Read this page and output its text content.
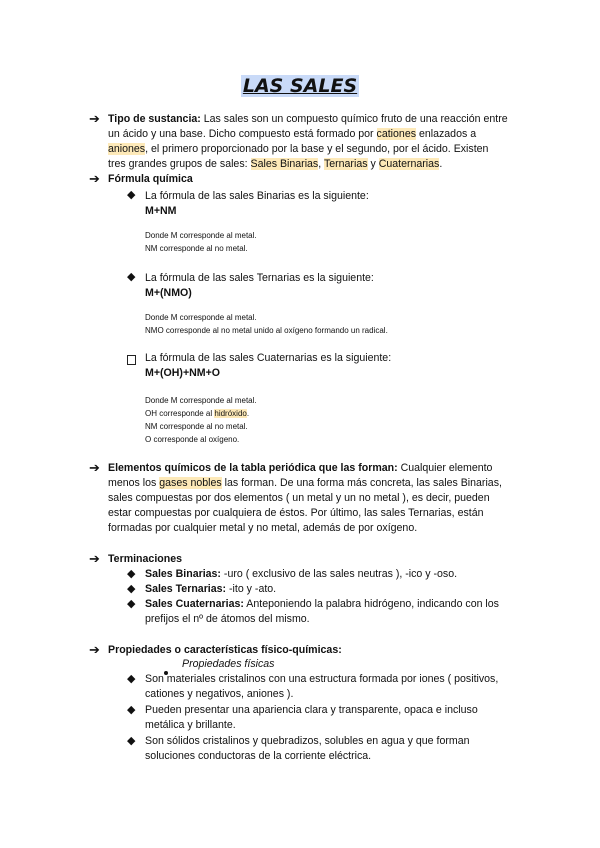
LAS SALES
➔ Tipo de sustancia: Las sales son un compuesto químico fruto de una reacción entre
un ácido y una base. Dicho compuesto está formado por cationes enlazados a
aniones, el primero proporcionado por la base y el segundo, por el ácido. Existen
tres grandes grupos de sales: Sales Binarias, Ternarias y Cuaternarias.
➔ Fórmula química
◆ La fórmula de las sales Binarias es la siguiente:
M+NM
Donde M corresponde al metal.
NM corresponde al no metal.
◆ La fórmula de las sales Ternarias es la siguiente:
M+(NMO)
Donde M corresponde al metal.
NMO corresponde al no metal unido al oxígeno formando un radical.
La fórmula de las sales Cuaternarias es la siguiente:
M+(OH)+NM+O
Donde M corresponde al metal.
OH corresponde al hidróxido.
NM corresponde al no metal.
O corresponde al oxígeno.
➔ Elementos químicos de la tabla periódica que las forman: Cualquier elemento
menos los gases nobles las forman. De una forma más concreta, las sales Binarias,
sales compuestas por dos elementos ( un metal y un no metal ), es decir, pueden
estar compuestas por cualquiera de éstos. Por último, las sales Ternarias, están
formadas por cualquier metal y no metal, además de por oxígeno.
➔ Terminaciones
◆ Sales Binarias: -uro ( exclusivo de las sales neutras ), -ico y -oso.
◆ Sales Ternarias: -ito y -ato.
◆ Sales Cuaternarias: Anteponiendo la palabra hidrógeno, indicando con los
prefijos el nº de átomos del mismo.
➔ Propiedades o características físico-químicas:
Propiedades físicas
◆ Son materiales cristalinos con una estructura formada por iones ( positivos,
cationes y negativos, aniones ).
◆ Pueden presentar una apariencia clara y transparente, opaca e incluso
metálica y brillante.
◆ Son sólidos cristalinos y quebradizos, solubles en agua y que forman
soluciones conductoras de la corriente eléctrica.
